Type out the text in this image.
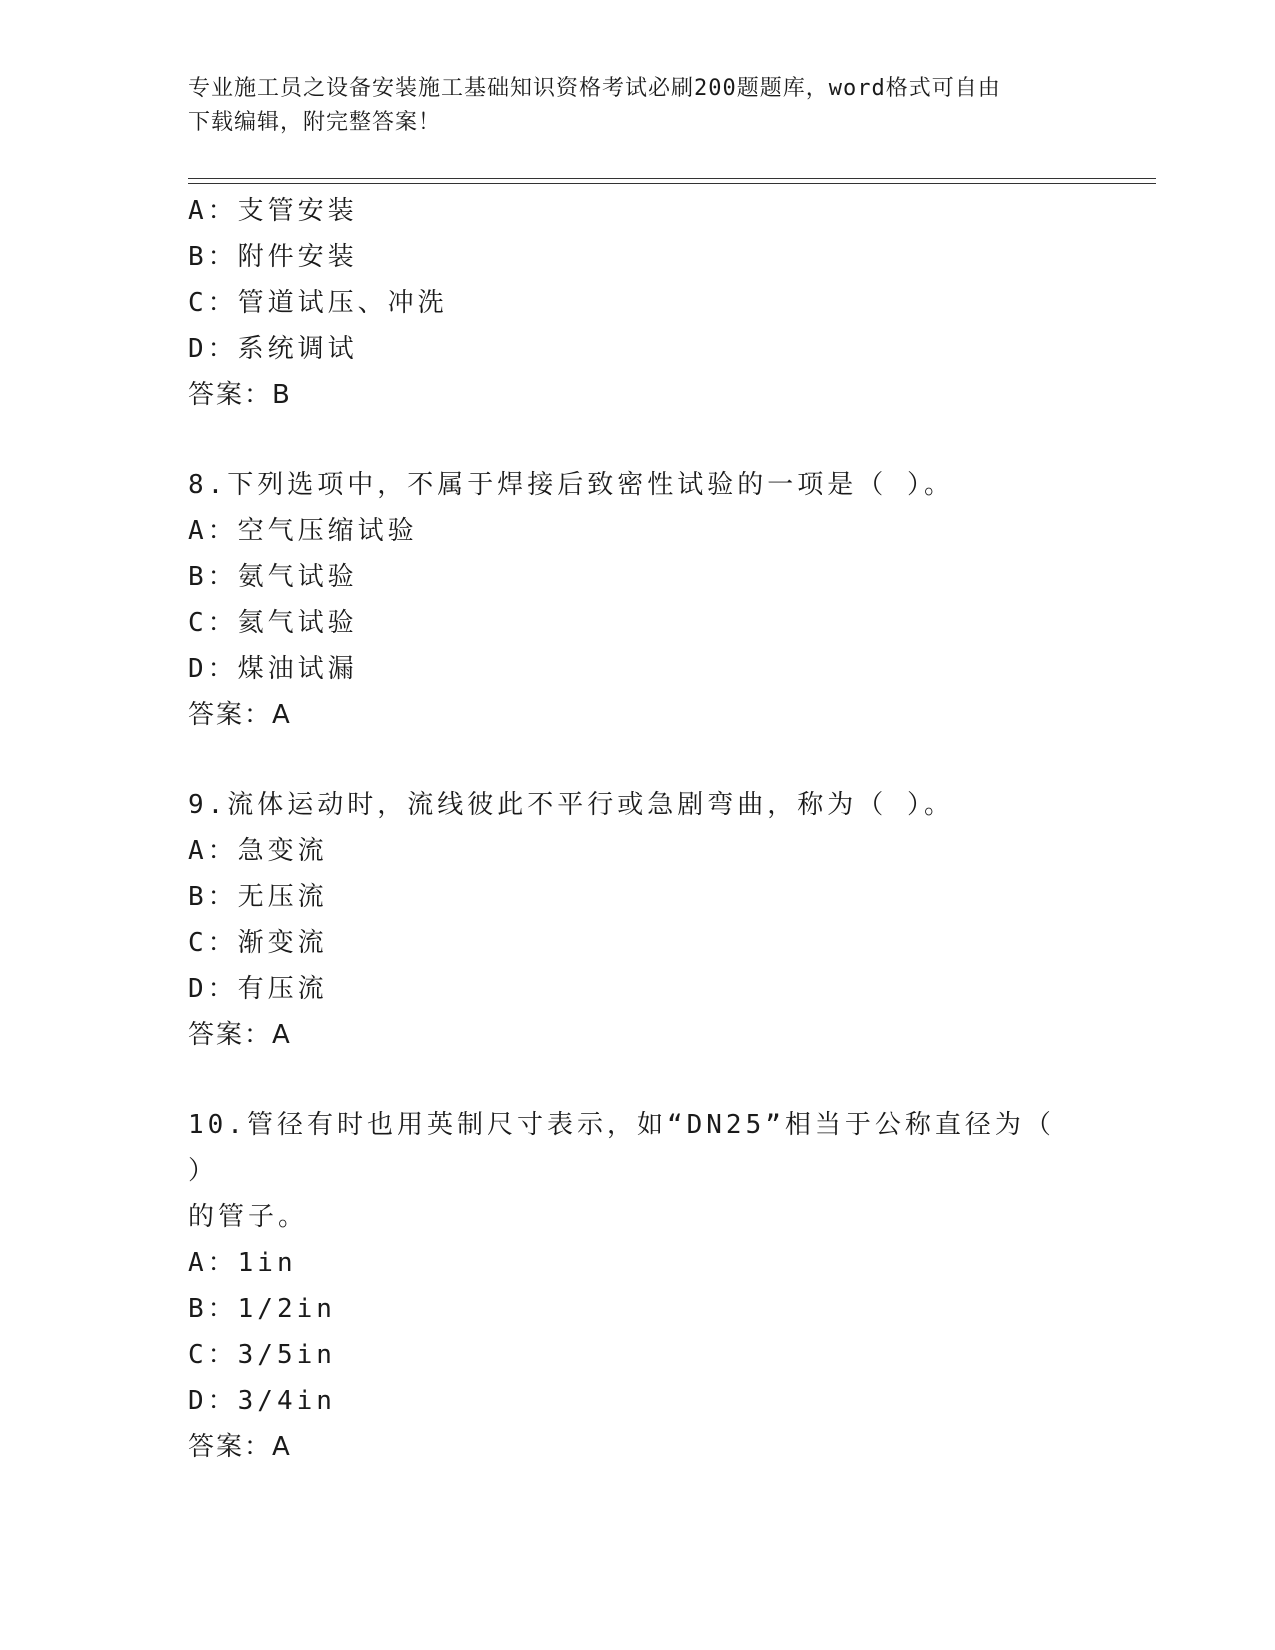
专业施工员之设备安装施工基础知识资格考试必刷200题题库，word格式可自由
下载编辑，附完整答案！
A：支管安装
B：附件安装
C：管道试压、冲洗
D：系统调试
答案：B
8.下列选项中，不属于焊接后致密性试验的一项是（ ）。
A：空气压缩试验
B：氨气试验
C：氦气试验
D：煤油试漏
答案：A
9.流体运动时，流线彼此不平行或急剧弯曲，称为（ ）。
A：急变流
B：无压流
C：渐变流
D：有压流
答案：A
10.管径有时也用英制尺寸表示，如“DN25”相当于公称直径为（ ）
的管子。
A：1in
B：1/2in
C：3/5in
D：3/4in
答案：A
